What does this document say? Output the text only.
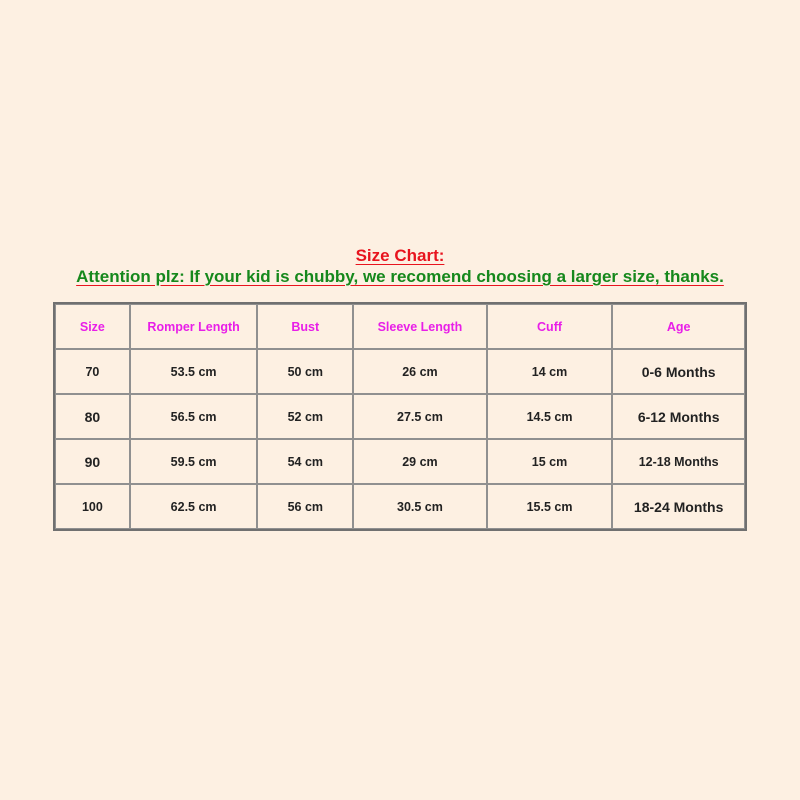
Size Chart:
Attention plz: If your kid is chubby, we recomend choosing a larger size, thanks.
Size	Romper Length	Bust	Sleeve Length	Cuff	Age
70	53.5 cm	50 cm	26 cm	14 cm	0-6 Months
80	56.5 cm	52 cm	27.5 cm	14.5 cm	6-12 Months
90	59.5 cm	54 cm	29 cm	15 cm	12-18 Months
100	62.5 cm	56 cm	30.5 cm	15.5 cm	18-24 Months
